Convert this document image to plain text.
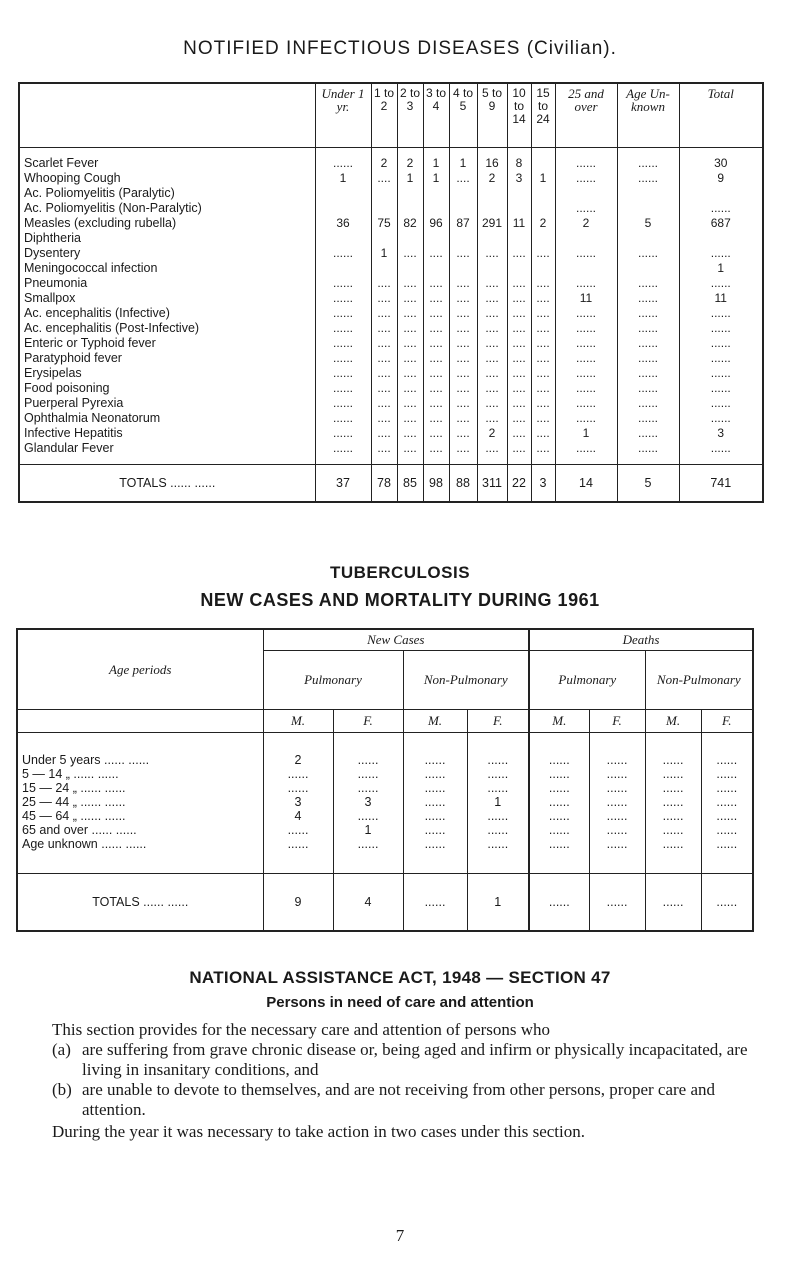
NOTIFIED INFECTIOUS DISEASES (Civilian).
	Under 1 yr.	1 to 2	2 to 3	3 to 4	4 to 5	5 to 9	10 to 14	15 to 24	25 and over	Age Un-known	Total

Scarlet Fever	......	2	2	1	1	16	8		......	......	30
Whooping Cough	1	....	1	1	....	2	3	1	......	......	9
Ac. Poliomyelitis (Paralytic)											
Ac. Poliomyelitis (Non-Paralytic)									......		......
Measles (excluding rubella)	36	75	82	96	87	291	11	2	2	5	687
Diphtheria											
Dysentery	......	1	....	....	....	....	....	....	......	......	......
Meningococcal infection											1
Pneumonia	......	....	....	....	....	....	....	....	......	......	......
Smallpox	......	....	....	....	....	....	....	....	11	......	11
Ac. encephalitis (Infective)	......	....	....	....	....	....	....	....	......	......	......
Ac. encephalitis (Post-Infective)	......	....	....	....	....	....	....	....	......	......	......
Enteric or Typhoid fever	......	....	....	....	....	....	....	....	......	......	......
Paratyphoid fever	......	....	....	....	....	....	....	....	......	......	......
Erysipelas	......	....	....	....	....	....	....	....	......	......	......
Food poisoning	......	....	....	....	....	....	....	....	......	......	......
Puerperal Pyrexia	......	....	....	....	....	....	....	....	......	......	......
Ophthalmia Neonatorum	......	....	....	....	....	....	....	....	......	......	......
Infective Hepatitis	......	....	....	....	....	2	....	....	1	......	3
Glandular Fever	......	....	....	....	....	....	....	....	......	......	......

TOTALS ...... ......	37	78	85	98	88	311	22	3	14	5	741
TUBERCULOSIS
NEW CASES AND MORTALITY DURING 1961
Age periods	New Cases				Deaths			
	Pulmonary		Non-Pulmonary		Pulmonary		Non-Pulmonary	
	M.	F.	M.	F.	M.	F.	M.	F.

Under 5 years ...... ......	2	......	......	......	......	......	......	......
5 — 14 „ ...... ......	......	......	......	......	......	......	......	......
15 — 24 „ ...... ......	......	......	......	......	......	......	......	......
25 — 44 „ ...... ......	3	3	......	1	......	......	......	......
45 — 64 „ ...... ......	4	......	......	......	......	......	......	......
65 and over ...... ......	......	1	......	......	......	......	......	......
Age unknown ...... ......	......	......	......	......	......	......	......	......

TOTALS ...... ......	9	4	......	1	......	......	......	......
NATIONAL ASSISTANCE ACT, 1948 — SECTION 47
Persons in need of care and attention
This section provides for the necessary care and attention of persons who
(a) are suffering from grave chronic disease or, being aged and infirm or physically incapacitated, are living in insanitary conditions, and
(b) are unable to devote to themselves, and are not receiving from other persons, proper care and attention.
During the year it was necessary to take action in two cases under this section.
7
